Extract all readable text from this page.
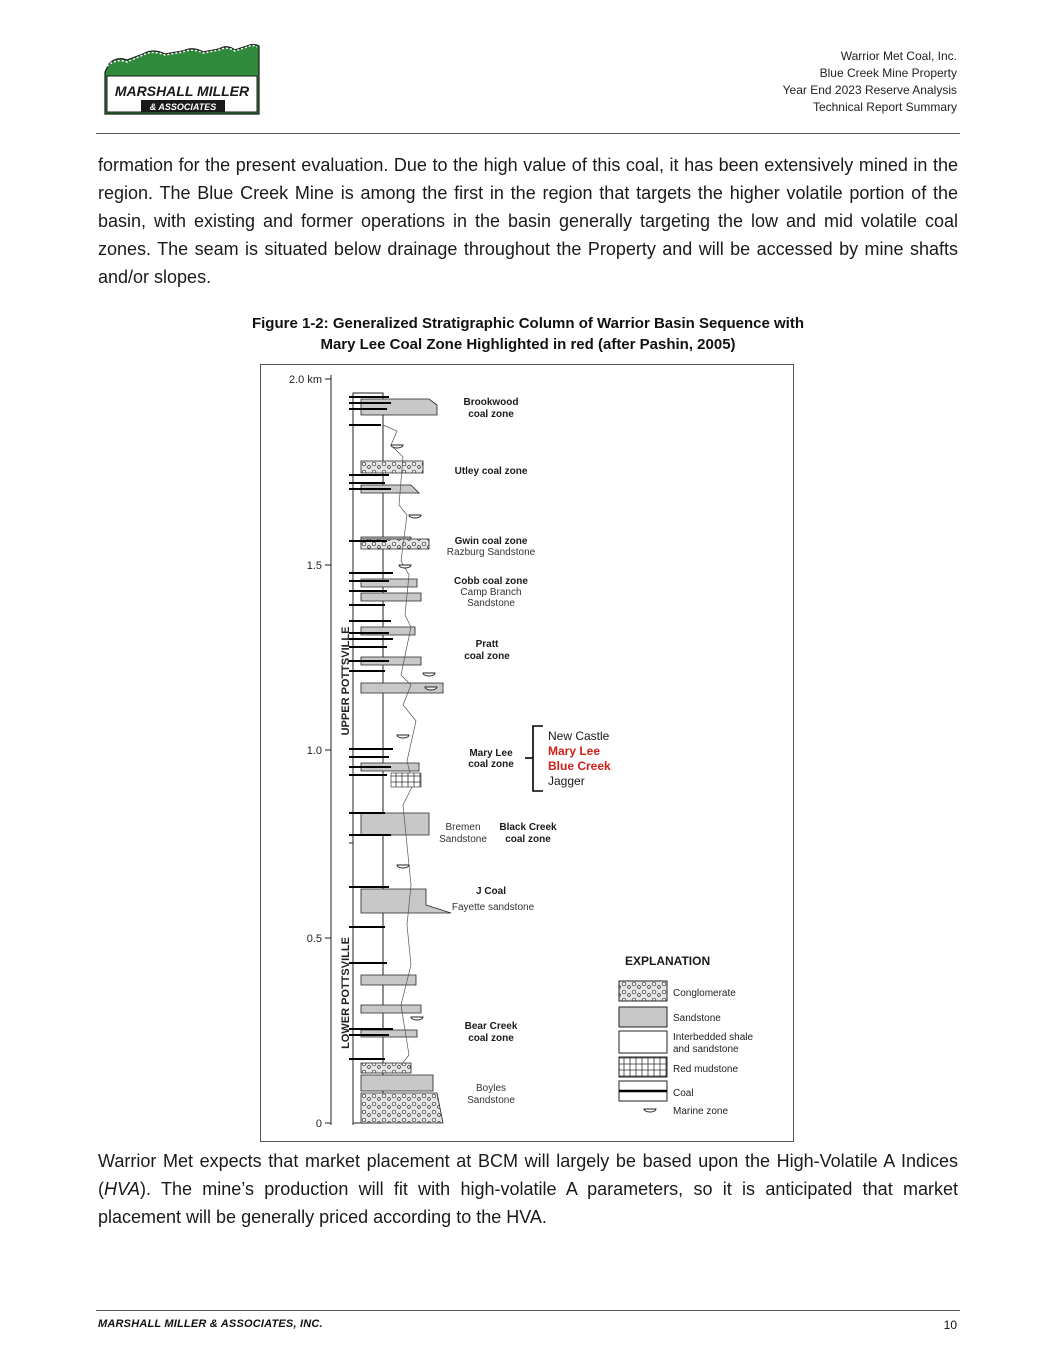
MARSHALL MILLER
& ASSOCIATES
Warrior Met Coal, Inc.
Blue Creek Mine Property
Year End 2023 Reserve Analysis
Technical Report Summary
formation for the present evaluation. Due to the high value of this coal, it has been extensively mined in the region. The Blue Creek Mine is among the first in the region that targets the higher volatile portion of the basin, with existing and former operations in the basin generally targeting the low and mid volatile coal zones. The seam is situated below drainage throughout the Property and will be accessed by mine shafts and/or slopes.
Figure 1-2: Generalized Stratigraphic Column of Warrior Basin Sequence with
Mary Lee Coal Zone Highlighted in red (after Pashin, 2005)
2.0 km
1.5
1.0
0.5
0
UPPER POTTSVILLE
LOWER POTTSVILLE
Brookwood
coal zone
Utley coal zone
Gwin coal zone
Cobb coal zone
Pratt
coal zone
Mary Lee
coal zone
Black Creek
coal zone
J Coal
Bear Creek
coal zone
Razburg Sandstone
Camp Branch
Sandstone
Fayette sandstone
Bremen
Sandstone
Boyles
Sandstone
New Castle
Mary Lee
Blue Creek
Jagger
EXPLANATION
Conglomerate
Sandstone
Interbedded shale
and sandstone
Red mudstone
Coal
Marine zone
Warrior Met expects that market placement at BCM will largely be based upon the High-Volatile A Indices (HVA). The mine’s production will fit with high-volatile A parameters, so it is anticipated that market placement will be generally priced according to the HVA.
MARSHALL MILLER & ASSOCIATES, INC.	10
